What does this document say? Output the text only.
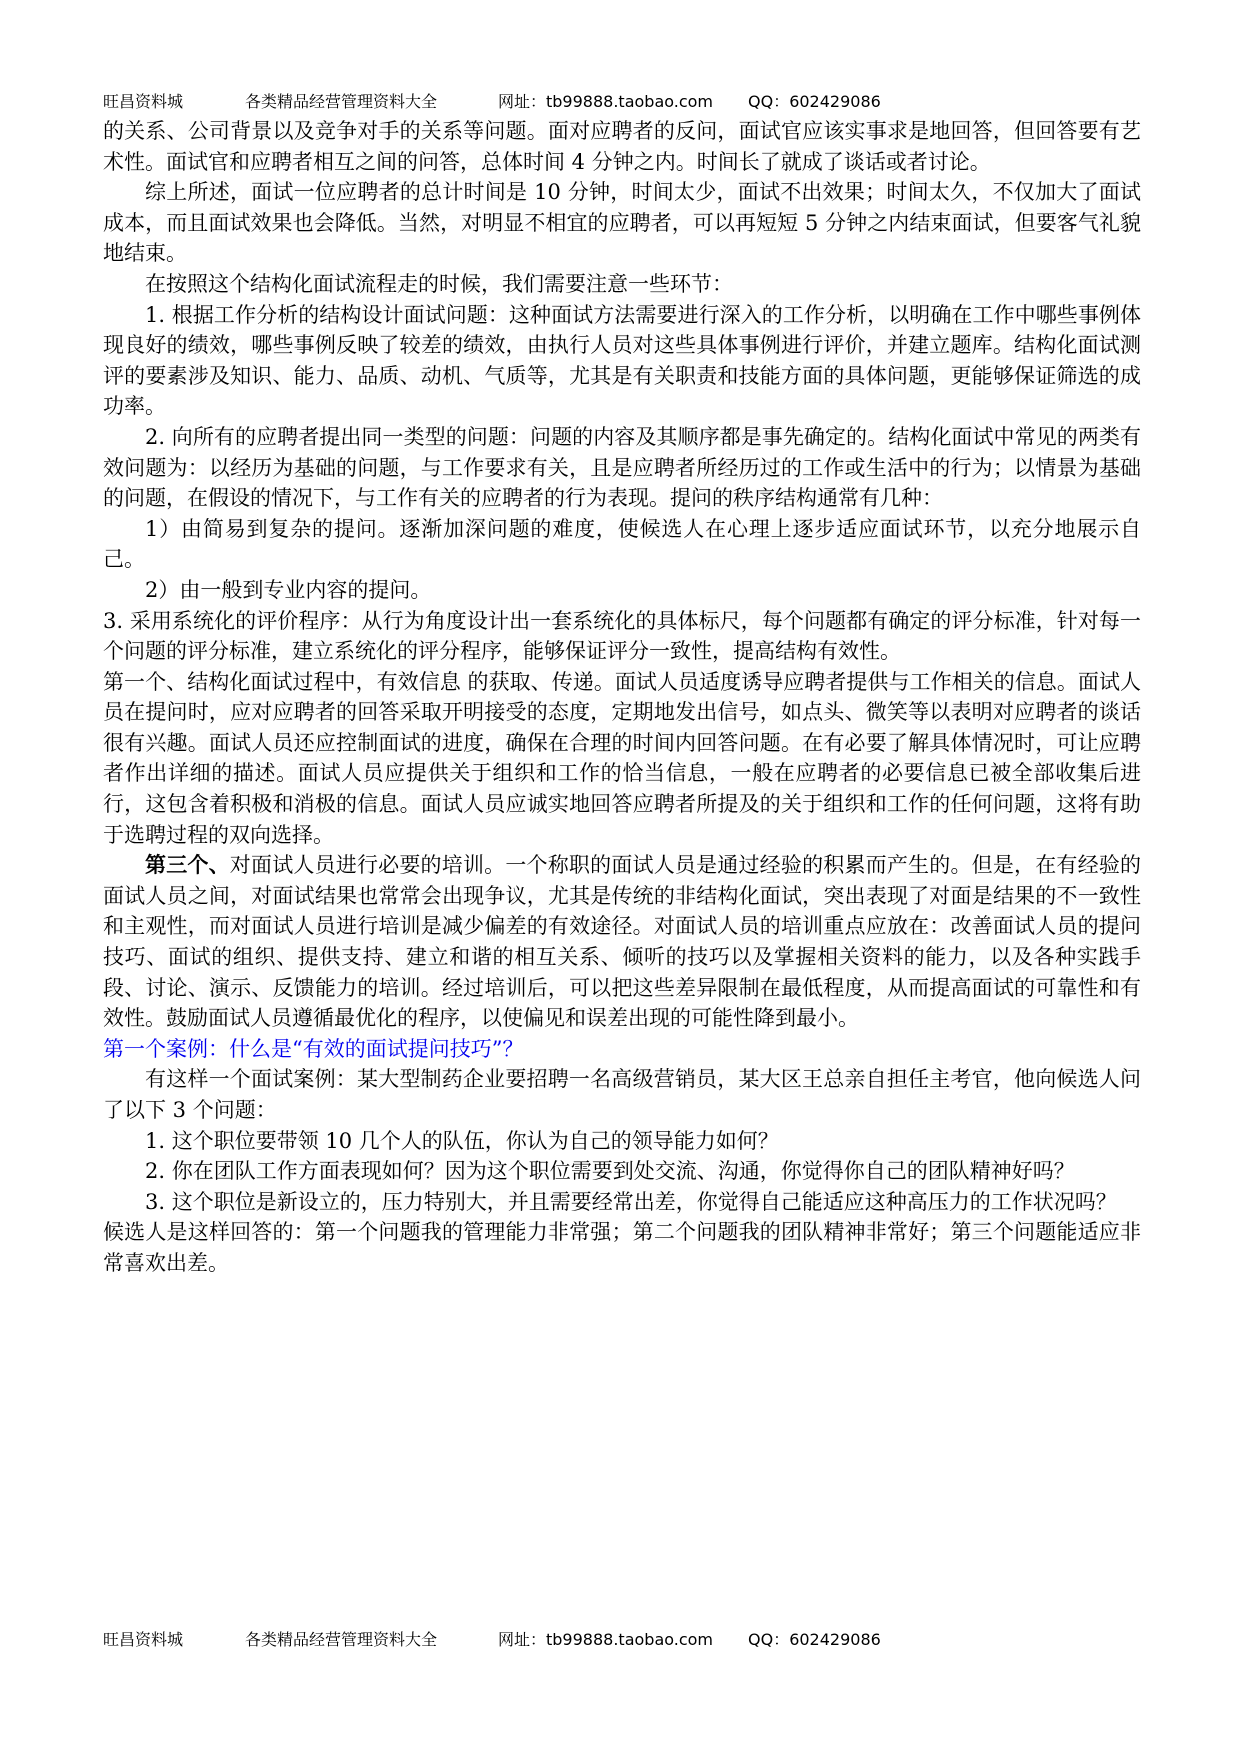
旺昌资料城	各类精品经营管理资料大全	网址：tb99888.taobao.com QQ：602429086

的关系、公司背景以及竞争对手的关系等问题。面对应聘者的反问，面试官应该实事求是地回答，但回答要有艺术性。面试官和应聘者相互之间的问答，总体时间 4 分钟之内。时间长了就成了谈话或者讨论。

综上所述，面试一位应聘者的总计时间是 10 分钟，时间太少，面试不出效果；时间太久，不仅加大了面试成本，而且面试效果也会降低。当然，对明显不相宜的应聘者，可以再短短 5 分钟之内结束面试，但要客气礼貌地结束。

在按照这个结构化面试流程走的时候，我们需要注意一些环节：

1. 根据工作分析的结构设计面试问题：这种面试方法需要进行深入的工作分析，以明确在工作中哪些事例体现良好的绩效，哪些事例反映了较差的绩效，由执行人员对这些具体事例进行评价，并建立题库。结构化面试测评的要素涉及知识、能力、品质、动机、气质等，尤其是有关职责和技能方面的具体问题，更能够保证筛选的成功率。

2. 向所有的应聘者提出同一类型的问题：问题的内容及其顺序都是事先确定的。结构化面试中常见的两类有效问题为：以经历为基础的问题，与工作要求有关，且是应聘者所经历过的工作或生活中的行为；以情景为基础的问题，在假设的情况下，与工作有关的应聘者的行为表现。提问的秩序结构通常有几种：

1）由简易到复杂的提问。逐渐加深问题的难度，使候选人在心理上逐步适应面试环节，以充分地展示自己。

2）由一般到专业内容的提问。

3. 采用系统化的评价程序：从行为角度设计出一套系统化的具体标尺，每个问题都有确定的评分标准，针对每一个问题的评分标准，建立系统化的评分程序，能够保证评分一致性，提高结构有效性。

第一个、结构化面试过程中，有效信息 的获取、传递。面试人员适度诱导应聘者提供与工作相关的信息。面试人员在提问时，应对应聘者的回答采取开明接受的态度，定期地发出信号，如点头、微笑等以表明对应聘者的谈话很有兴趣。面试人员还应控制面试的进度，确保在合理的时间内回答问题。在有必要了解具体情况时，可让应聘者作出详细的描述。面试人员应提供关于组织和工作的恰当信息，一般在应聘者的必要信息已被全部收集后进行，这包含着积极和消极的信息。面试人员应诚实地回答应聘者所提及的关于组织和工作的任何问题，这将有助于选聘过程的双向选择。

第三个、对面试人员进行必要的培训。一个称职的面试人员是通过经验的积累而产生的。但是，在有经验的面试人员之间，对面试结果也常常会出现争议，尤其是传统的非结构化面试，突出表现了对面是结果的不一致性和主观性，而对面试人员进行培训是减少偏差的有效途径。对面试人员的培训重点应放在：改善面试人员的提问技巧、面试的组织、提供支持、建立和谐的相互关系、倾听的技巧以及掌握相关资料的能力，以及各种实践手段、讨论、演示、反馈能力的培训。经过培训后，可以把这些差异限制在最低程度，从而提高面试的可靠性和有效性。鼓励面试人员遵循最优化的程序，以使偏见和误差出现的可能性降到最小。

第一个案例：什么是“有效的面试提问技巧”？

有这样一个面试案例：某大型制药企业要招聘一名高级营销员，某大区王总亲自担任主考官，他向候选人问了以下 3 个问题：

1. 这个职位要带领 10 几个人的队伍，你认为自己的领导能力如何？

2. 你在团队工作方面表现如何？因为这个职位需要到处交流、沟通，你觉得你自己的团队精神好吗？

3. 这个职位是新设立的，压力特别大，并且需要经常出差，你觉得自己能适应这种高压力的工作状况吗？

候选人是这样回答的：第一个问题我的管理能力非常强；第二个问题我的团队精神非常好；第三个问题能适应非常喜欢出差。

旺昌资料城	各类精品经营管理资料大全	网址：tb99888.taobao.com QQ：602429086
